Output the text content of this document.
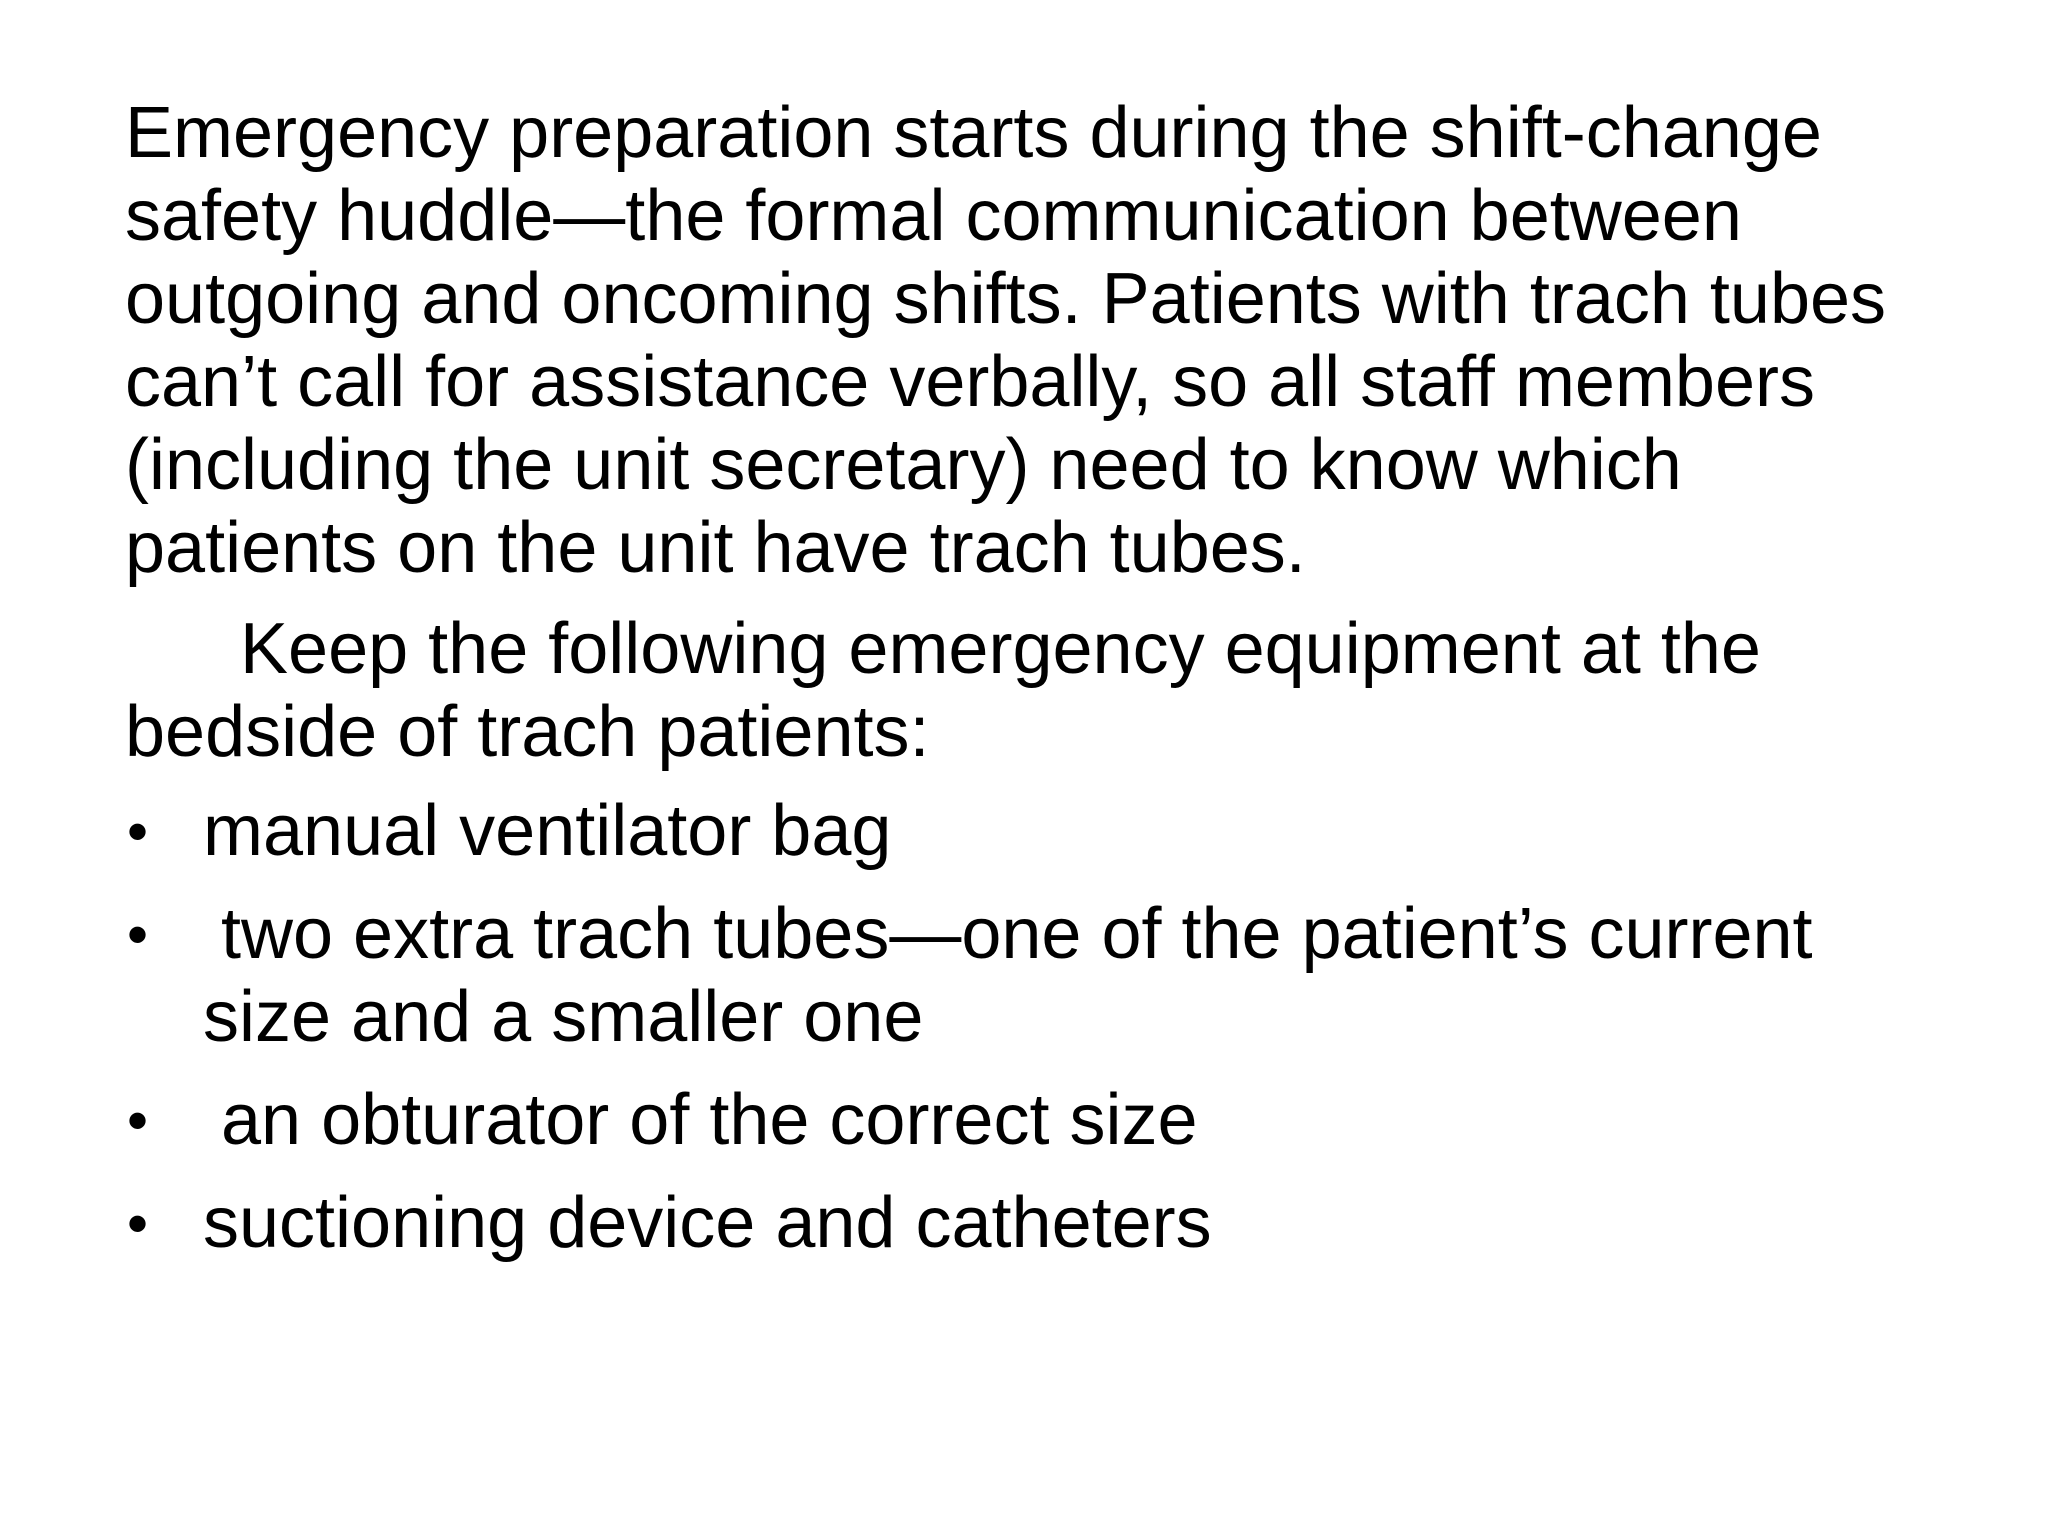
Emergency preparation starts during the shift-change safety huddle—the formal communication between outgoing and oncoming shifts. Patients with trach tubes can’t call for assistance verbally, so all staff members (including the unit secretary) need to know which patients on the unit have trach tubes.

Keep the following emergency equipment at the bedside of trach patients:

• manual ventilator bag
• two extra trach tubes—one of the patient’s current size and a smaller one
• an obturator of the correct size
• suctioning device and catheters
